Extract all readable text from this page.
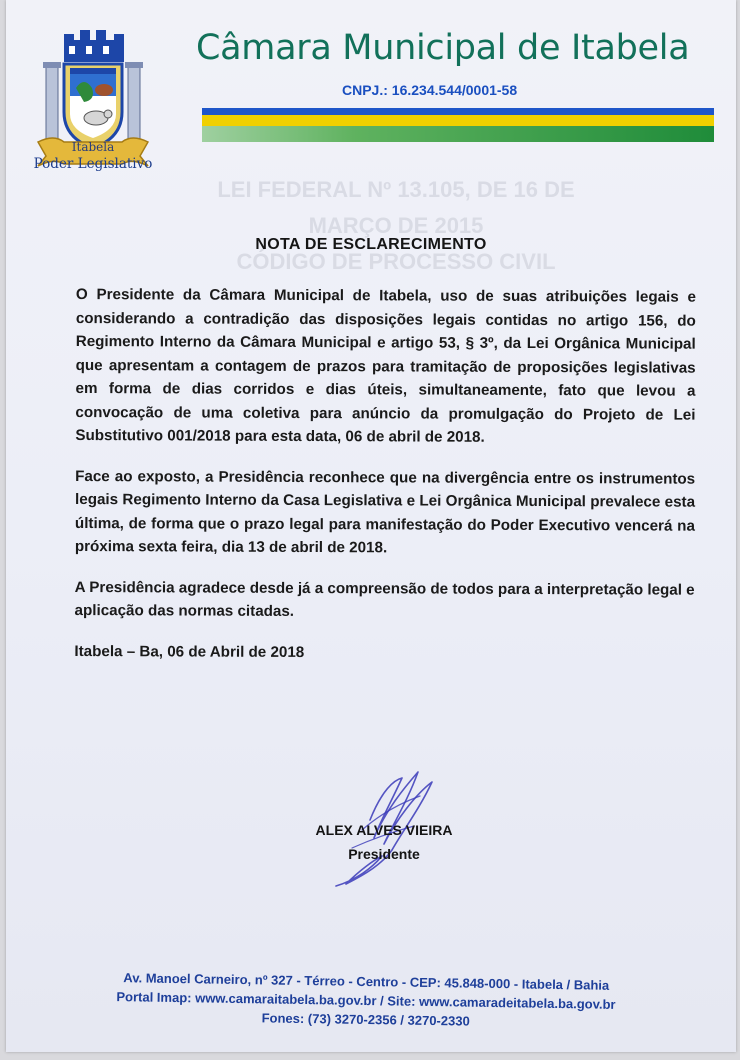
LEI FEDERAL Nº 13.105, DE 16 DE
MARÇO DE 2015
CÓDIGO DE PROCESSO CIVIL
Itabela
Poder Legislativo
Câmara Municipal de Itabela
CNPJ.: 16.234.544/0001-58
NOTA DE ESCLARECIMENTO

O Presidente da Câmara Municipal de Itabela, uso de suas atribuições legais e considerando a contradição das disposições legais contidas no artigo 156, do Regimento Interno da Câmara Municipal e artigo 53, § 3º, da Lei Orgânica Municipal que apresentam a contagem de prazos para tramitação de proposições legislativas em forma de dias corridos e dias úteis, simultaneamente, fato que levou a convocação de uma coletiva para anúncio da promulgação do Projeto de Lei Substitutivo 001/2018 para esta data, 06 de abril de 2018.

Face ao exposto, a Presidência reconhece que na divergência entre os instrumentos legais Regimento Interno da Casa Legislativa e Lei Orgânica Municipal prevalece esta última, de forma que o prazo legal para manifestação do Poder Executivo vencerá na próxima sexta feira, dia 13 de abril de 2018.

A Presidência agradece desde já a compreensão de todos para a interpretação legal e aplicação das normas citadas.

Itabela – Ba, 06 de Abril de 2018

ALEX ALVES VIEIRA
Presidente
Av. Manoel Carneiro, nº 327 - Térreo - Centro - CEP: 45.848-000 - Itabela / Bahia
Portal Imap: www.camaraitabela.ba.gov.br / Site: www.camaradeitabela.ba.gov.br
Fones: (73) 3270-2356 / 3270-2330
